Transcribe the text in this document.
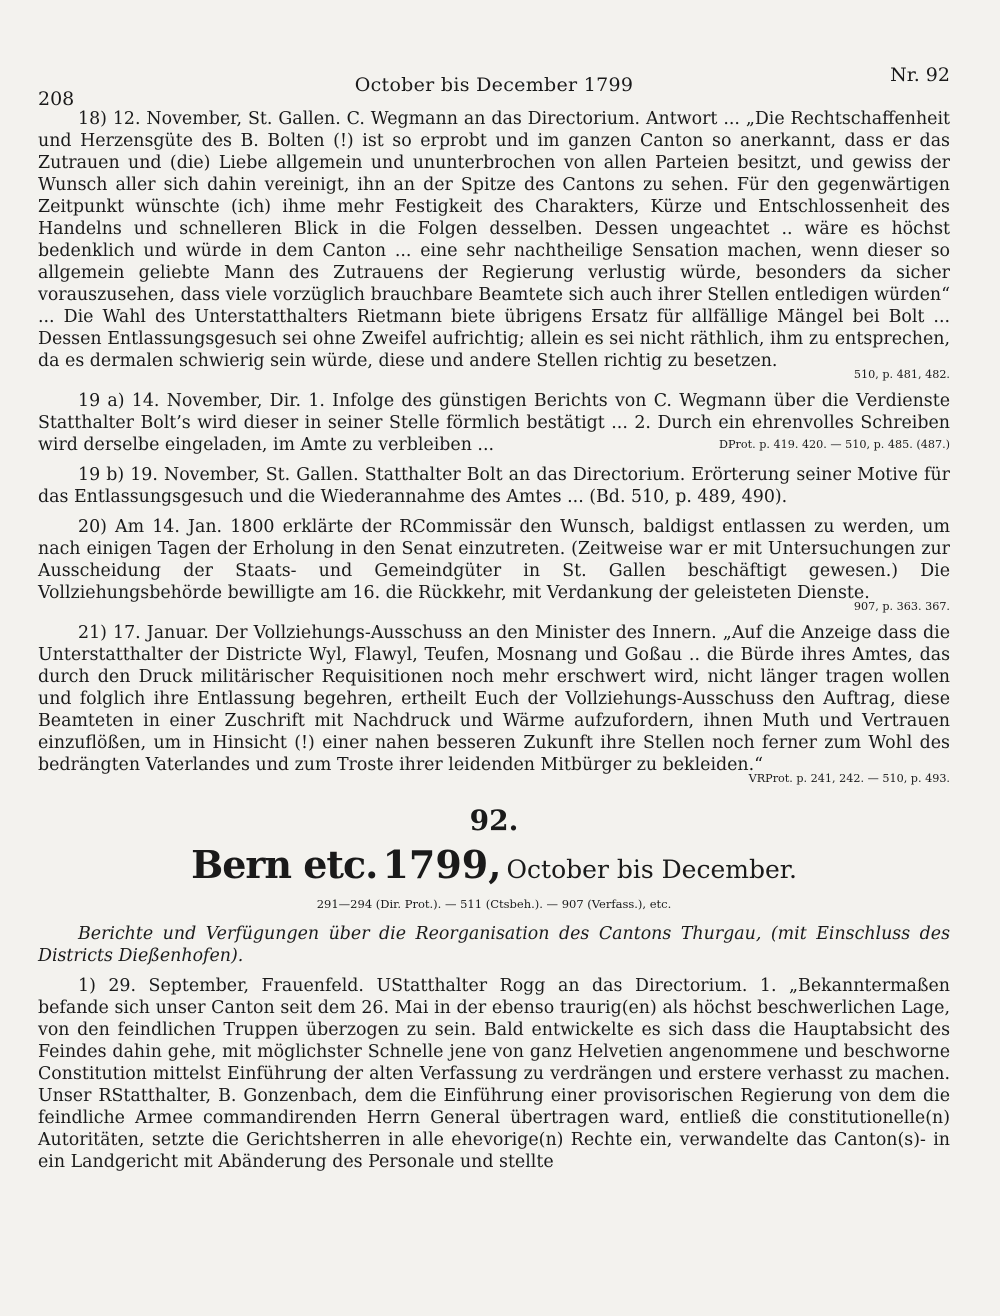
208
October bis December 1799	Nr. 92

18) 12. November, St. Gallen. C. Wegmann an das Directorium. Antwort ... „Die Rechtschaffenheit und Herzensgüte des B. Bolten (!) ist so erprobt und im ganzen Canton so anerkannt, dass er das Zutrauen und (die) Liebe allgemein und ununterbrochen von allen Parteien besitzt, und gewiss der Wunsch aller sich dahin vereinigt, ihn an der Spitze des Cantons zu sehen. Für den gegenwärtigen Zeitpunkt wünschte (ich) ihme mehr Festigkeit des Charakters, Kürze und Entschlossenheit des Handelns und schnelleren Blick in die Folgen desselben. Dessen ungeachtet .. wäre es höchst bedenklich und würde in dem Canton ... eine sehr nachtheilige Sensation machen, wenn dieser so allgemein geliebte Mann des Zutrauens der Regierung verlustig würde, besonders da sicher vorauszusehen, dass viele vorzüglich brauchbare Beamtete sich auch ihrer Stellen entledigen würden“ ... Die Wahl des Unterstatthalters Rietmann biete übrigens Ersatz für allfällige Mängel bei Bolt ... Dessen Entlassungsgesuch sei ohne Zweifel aufrichtig; allein es sei nicht räthlich, ihm zu entsprechen, da es dermalen schwierig sein würde, diese und andere Stellen richtig zu besetzen.
510, p. 481, 482.

19 a) 14. November, Dir. 1. Infolge des günstigen Berichts von C. Wegmann über die Verdienste Statthalter Bolt’s wird dieser in seiner Stelle förmlich bestätigt ... 2. Durch ein ehrenvolles Schreiben wird derselbe eingeladen, im Amte zu verbleiben ...	DProt. p. 419. 420. — 510, p. 485. (487.)

19 b) 19. November, St. Gallen. Statthalter Bolt an das Directorium. Erörterung seiner Motive für das Entlassungsgesuch und die Wiederannahme des Amtes ... (Bd. 510, p. 489, 490).

20) Am 14. Jan. 1800 erklärte der RCommissär den Wunsch, baldigst entlassen zu werden, um nach einigen Tagen der Erholung in den Senat einzutreten. (Zeitweise war er mit Untersuchungen zur Ausscheidung der Staats- und Gemeindgüter in St. Gallen beschäftigt gewesen.) Die Vollziehungsbehörde bewilligte am 16. die Rückkehr, mit Verdankung der geleisteten Dienste.
907, p. 363. 367.

21) 17. Januar. Der Vollziehungs-Ausschuss an den Minister des Innern. „Auf die Anzeige dass die Unterstatthalter der Districte Wyl, Flawyl, Teufen, Mosnang und Goßau .. die Bürde ihres Amtes, das durch den Druck militärischer Requisitionen noch mehr erschwert wird, nicht länger tragen wollen und folglich ihre Entlassung begehren, ertheilt Euch der Vollziehungs-Ausschuss den Auftrag, diese Beamteten in einer Zuschrift mit Nachdruck und Wärme aufzufordern, ihnen Muth und Vertrauen einzuflößen, um in Hinsicht (!) einer nahen besseren Zukunft ihre Stellen noch ferner zum Wohl des bedrängten Vaterlandes und zum Troste ihrer leidenden Mitbürger zu bekleiden.“
VRProt. p. 241, 242. — 510, p. 493.

92.
Bern etc. 1799, October bis December.
291—294 (Dir. Prot.). — 511 (Ctsbeh.). — 907 (Verfass.), etc.

Berichte und Verfügungen über die Reorganisation des Cantons Thurgau, (mit Einschluss des Districts Dießenhofen).

1) 29. September, Frauenfeld. UStatthalter Rogg an das Directorium. 1. „Bekanntermaßen befande sich unser Canton seit dem 26. Mai in der ebenso traurig(en) als höchst beschwerlichen Lage, von den feindlichen Truppen überzogen zu sein. Bald entwickelte es sich dass die Hauptabsicht des Feindes dahin gehe, mit möglichster Schnelle jene von ganz Helvetien angenommene und beschworne Constitution mittelst Einführung der alten Verfassung zu verdrängen und erstere verhasst zu machen. Unser RStatthalter, B. Gonzenbach, dem die Einführung einer provisorischen Regierung von dem die feindliche Armee commandirenden Herrn General übertragen ward, entließ die constitutionelle(n) Autoritäten, setzte die Gerichtsherren in alle ehevorige(n) Rechte ein, verwandelte das Canton(s)- in ein Landgericht mit Abänderung des Personale und stellte
